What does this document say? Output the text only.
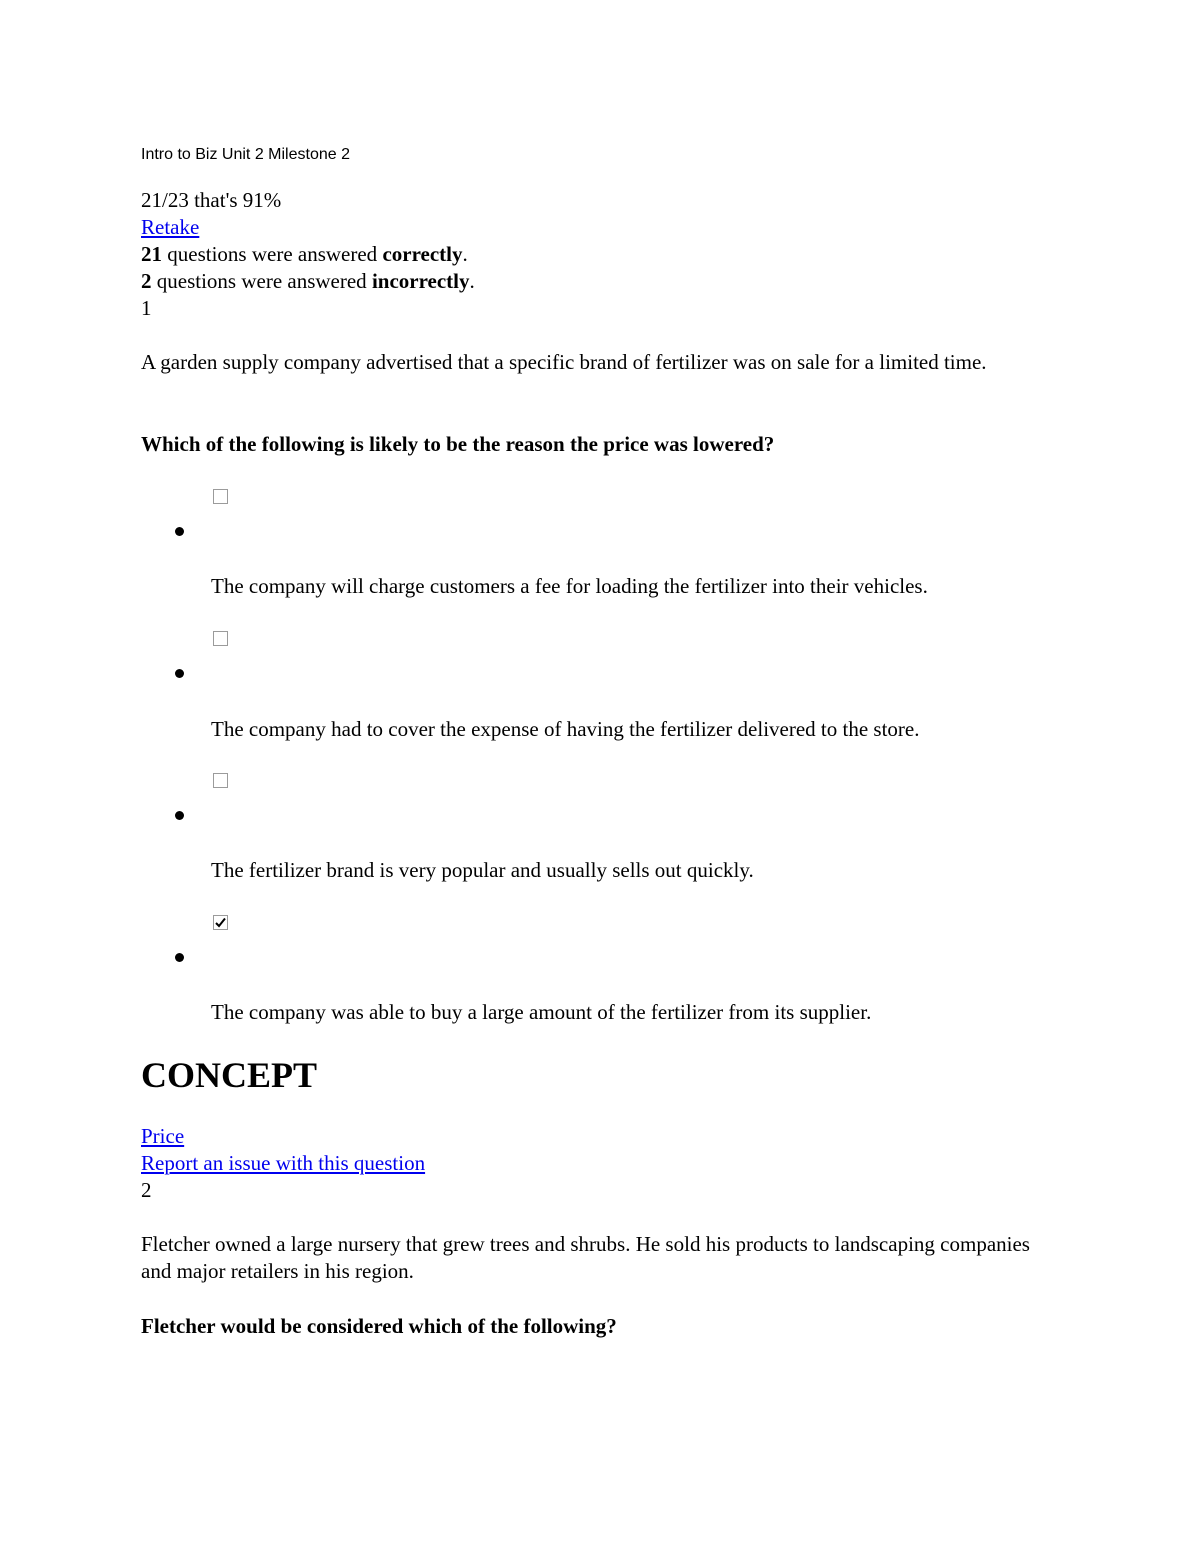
Intro to Biz Unit 2 Milestone 2
21/23 that's 91%
Retake
21 questions were answered correctly.
2 questions were answered incorrectly.
1
A garden supply company advertised that a specific brand of fertilizer was on sale for a limited time.
Which of the following is likely to be the reason the price was lowered?
The company will charge customers a fee for loading the fertilizer into their vehicles.
The company had to cover the expense of having the fertilizer delivered to the store.
The fertilizer brand is very popular and usually sells out quickly.
The company was able to buy a large amount of the fertilizer from its supplier.
CONCEPT
Price
Report an issue with this question
2
Fletcher owned a large nursery that grew trees and shrubs. He sold his products to landscaping companies and major retailers in his region.
Fletcher would be considered which of the following?
